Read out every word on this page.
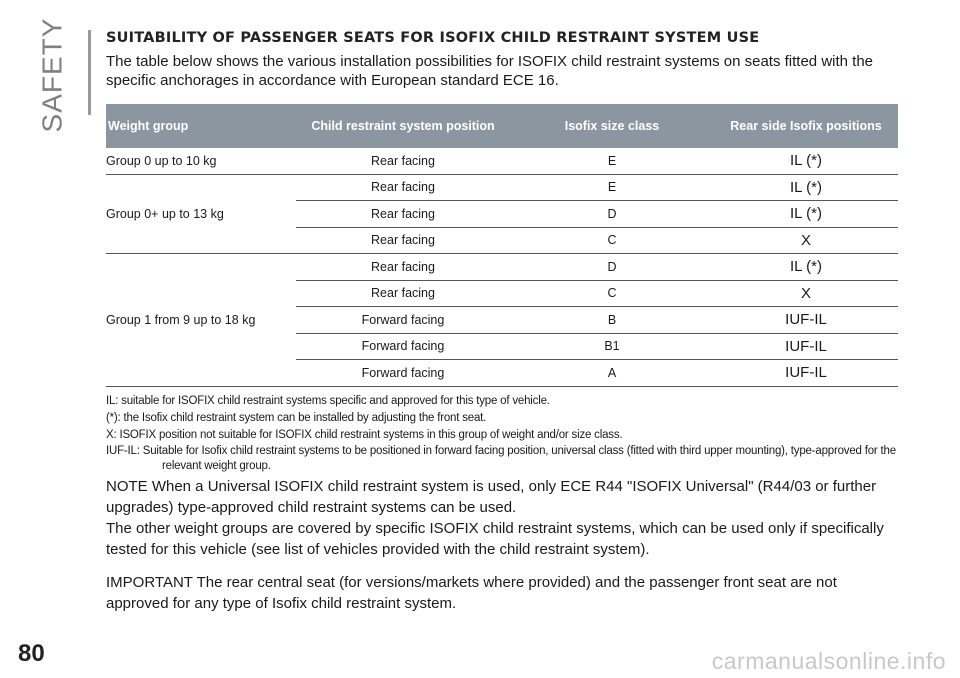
SAFETY	SUITABILITY OF PASSENGER SEATS FOR ISOFIX CHILD RESTRAINT SYSTEM USE

The table below shows the various installation possibilities for ISOFIX child restraint systems on seats fitted with the specific anchorages in accordance with European standard ECE 16.

Weight group	Child restraint system position	Isofix size class	Rear side Isofix positions
Group 0 up to 10 kg	Rear facing	E	IL (*)
Group 0+ up to 13 kg	Rear facing	E	IL (*)
	Rear facing	D	IL (*)
	Rear facing	C	X
Group 1 from 9 up to 18 kg	Rear facing	D	IL (*)
	Rear facing	C	X
	Forward facing	B	IUF-IL
	Forward facing	B1	IUF-IL
	Forward facing	A	IUF-IL

IL: suitable for ISOFIX child restraint systems specific and approved for this type of vehicle.

(*): the Isofix child restraint system can be installed by adjusting the front seat.

X: ISOFIX position not suitable for ISOFIX child restraint systems in this group of weight and/or size class.

IUF-IL: Suitable for Isofix child restraint systems to be positioned in forward facing position, universal class (fitted with third upper mounting), type-approved for the relevant weight group.

NOTE When a Universal ISOFIX child restraint system is used, only ECE R44 "ISOFIX Universal" (R44/03 or further upgrades) type-approved child restraint systems can be used.

The other weight groups are covered by specific ISOFIX child restraint systems, which can be used only if specifically tested for this vehicle (see list of vehicles provided with the child restraint system).

IMPORTANT The rear central seat (for versions/markets where provided) and the passenger front seat are not approved for any type of Isofix child restraint system.

80	carmanualsonline.info
